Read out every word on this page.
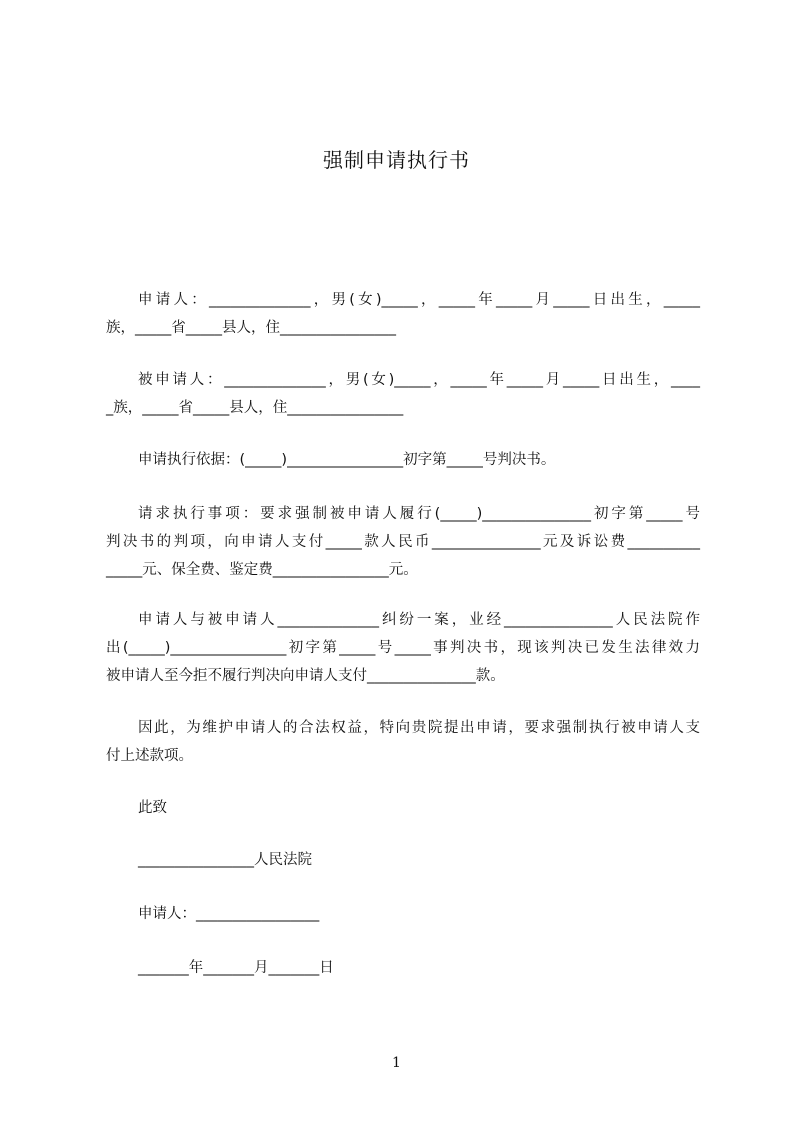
强制申请执行书
申请人：______________，男(女)_____，_____年_____月_____日出生，_____
族，_____省_____县人，住________________
被申请人：______________，男(女)_____，_____年_____月_____日出生，____
_族，_____省_____县人，住________________
申请执行依据：(_____)________________初字第_____号判决书。
请求执行事项：要求强制被申请人履行(_____)_______________初字第_____号
判决书的判项，向申请人支付_____款人民币_______________元及诉讼费__________
_____元、保全费、鉴定费________________元。
申请人与被申请人______________纠纷一案，业经_______________人民法院作
出(_____)________________初字第_____号_____事判决书，现该判决已发生法律效力
被申请人至今拒不履行判决向申请人支付_______________款。
因此，为维护申请人的合法权益，特向贵院提出申请，要求强制执行被申请人支
付上述款项。
此致
________________人民法院
申请人：_________________
_______年_______月_______日
1
